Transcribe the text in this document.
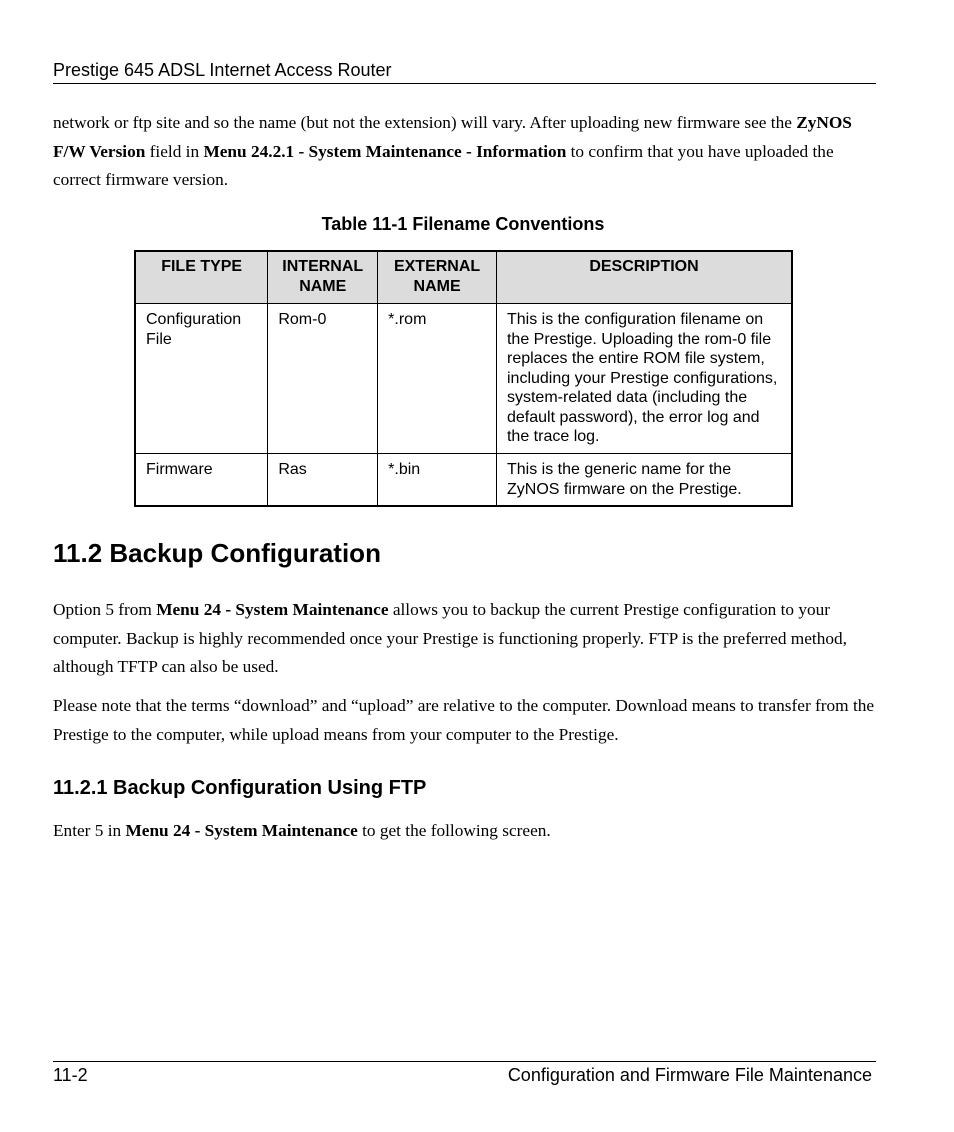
Prestige 645 ADSL Internet Access Router

network or ftp site and so the name (but not the extension) will vary. After uploading new firmware see the ZyNOS F/W Version field in Menu 24.2.1 - System Maintenance - Information to confirm that you have uploaded the correct firmware version.

Table 11-1 Filename Conventions
FILE TYPE	INTERNAL NAME	EXTERNAL NAME	DESCRIPTION
Configuration File	Rom-0	*.rom	This is the configuration filename on the Prestige. Uploading the rom-0 file replaces the entire ROM file system, including your Prestige configurations, system-related data (including the default password), the error log and the trace log.
Firmware	Ras	*.bin	This is the generic name for the ZyNOS firmware on the Prestige.
11.2 Backup Configuration

Option 5 from Menu 24 - System Maintenance allows you to backup the current Prestige configuration to your computer. Backup is highly recommended once your Prestige is functioning properly. FTP is the preferred method, although TFTP can also be used.

Please note that the terms “download” and “upload” are relative to the computer. Download means to transfer from the Prestige to the computer, while upload means from your computer to the Prestige.

11.2.1 Backup Configuration Using FTP

Enter 5 in Menu 24 - System Maintenance to get the following screen.

11-2	Configuration and Firmware File Maintenance
